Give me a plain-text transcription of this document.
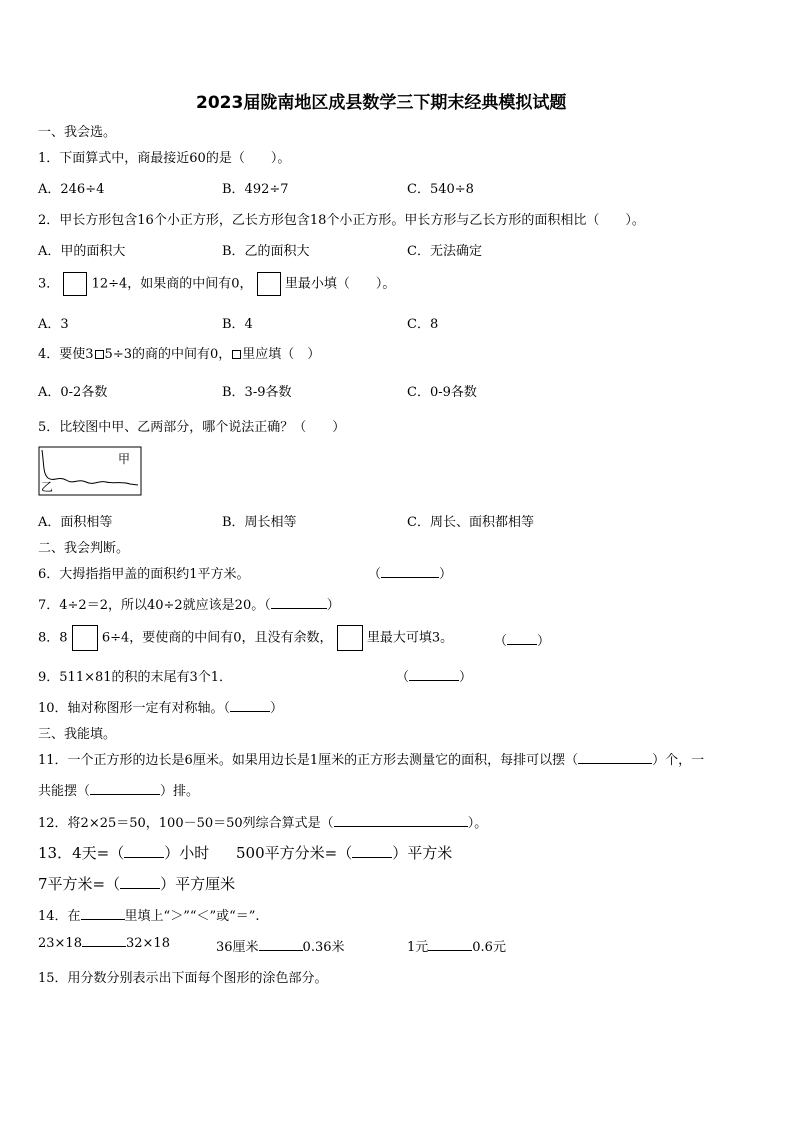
2023届陇南地区成县数学三下期末经典模拟试题
一、我会选。
1．下面算式中，商最接近60的是（　　）。
A．246÷4	B．492÷7	C．540÷8
2．甲长方形包含16个小正方形，乙长方形包含18个小正方形。甲长方形与乙长方形的面积相比（　　）。
A．甲的面积大	B．乙的面积大	C．无法确定
3． 12÷4，如果商的中间有0， 里最小填（　　）。
A．3	B．4	C．8
4．要使3 5÷3的商的中间有0， 里应填（　）
A．0-2各数	B．3-9各数	C．0-9各数
5．比较图中甲、乙两部分，哪个说法正确？（　　）
甲
乙
A．面积相等	B．周长相等	C．周长、面积都相等
二、我会判断。
6．大拇指指甲盖的面积约1平方米。	（	）
7．4÷2＝2，所以40÷2就应该是20。（	）
8．8	6÷4，要使商的中间有0，且没有余数，	里最大可填3。	（ ）
9．511×81的积的末尾有3个1．	（	）
10．轴对称图形一定有对称轴。（	）
三、我能填。
11．一个正方形的边长是6厘米。如果用边长是1厘米的正方形去测量它的面积，每排可以摆（	）个，一
共能摆（	）排。
12．将2×25＝50，100－50＝50列综合算式是（	）。
13．4天=（	）小时 500平方分米=（	）平方米
7平方米=（	）平方厘米
14．在	里填上“＞”“＜”或“＝”.
23×18	32×18	36厘米	0.36米	1元	0.6元
15．用分数分别表示出下面每个图形的涂色部分。
